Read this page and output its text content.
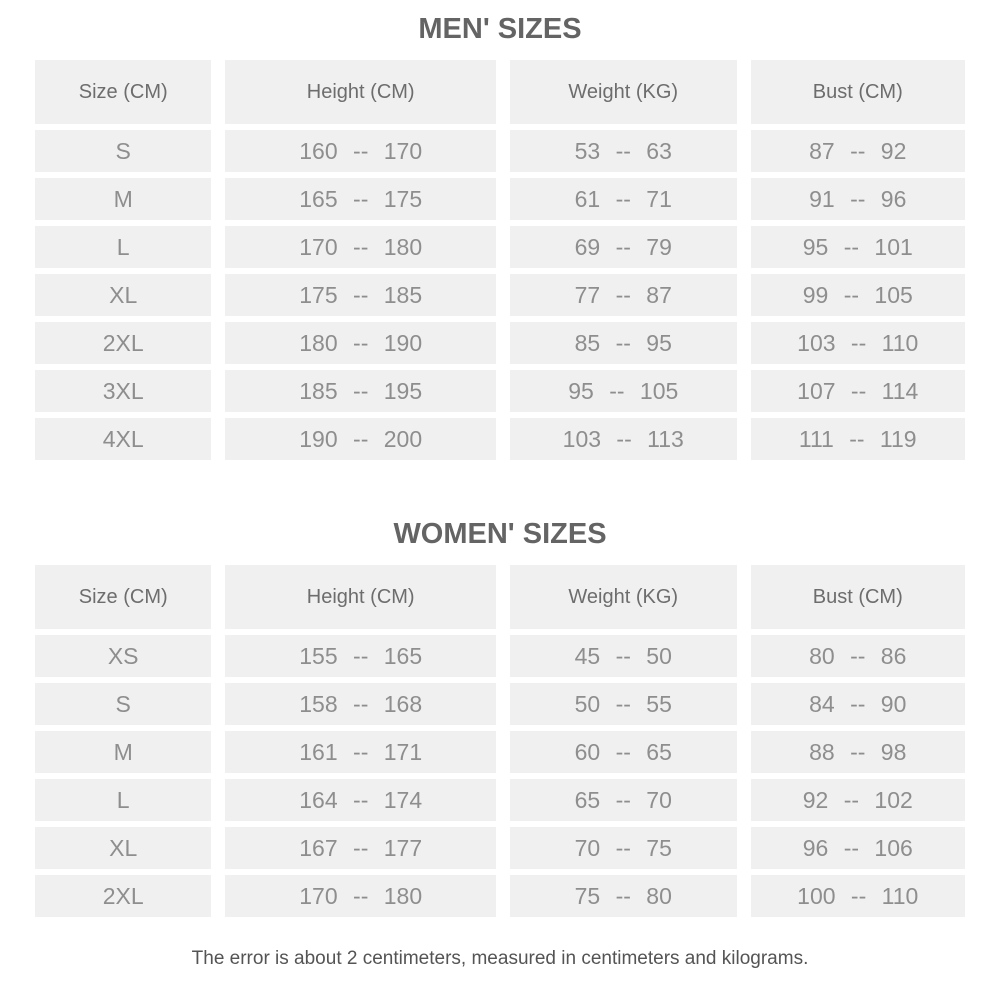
MEN' SIZES
Size (CM)	Height (CM)	Weight (KG)	Bust (CM)
S	160 -- 170	53 -- 63	87 -- 92
M	165 -- 175	61 -- 71	91 -- 96
L	170 -- 180	69 -- 79	95 -- 101
XL	175 -- 185	77 -- 87	99 -- 105
2XL	180 -- 190	85 -- 95	103 -- 110
3XL	185 -- 195	95 -- 105	107 -- 114
4XL	190 -- 200	103 -- 113	111 -- 119
WOMEN' SIZES
Size (CM)	Height (CM)	Weight (KG)	Bust (CM)
XS	155 -- 165	45 -- 50	80 -- 86
S	158 -- 168	50 -- 55	84 -- 90
M	161 -- 171	60 -- 65	88 -- 98
L	164 -- 174	65 -- 70	92 -- 102
XL	167 -- 177	70 -- 75	96 -- 106
2XL	170 -- 180	75 -- 80	100 -- 110

The error is about 2 centimeters, measured in centimeters and kilograms.
